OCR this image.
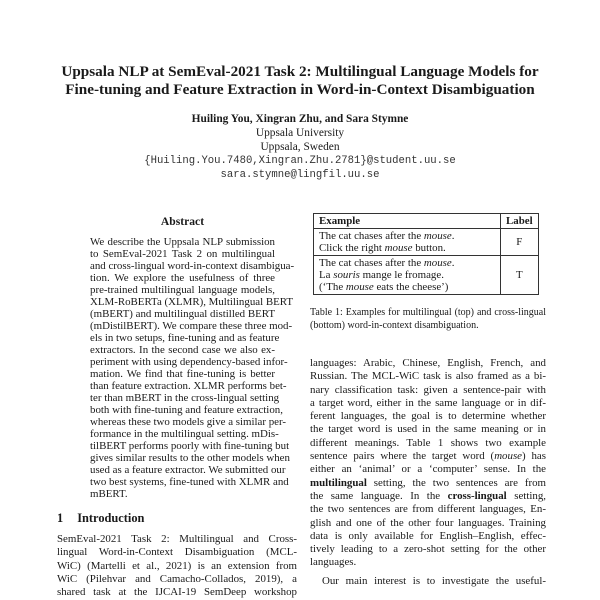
Uppsala NLP at SemEval-2021 Task 2: Multilingual Language Models for
Fine-tuning and Feature Extraction in Word-in-Context Disambiguation
Huiling You, Xingran Zhu, and Sara Stymne
Uppsala University
Uppsala, Sweden
{Huiling.You.7480,Xingran.Zhu.2781}@student.uu.se
sara.stymne@lingfil.uu.se
Abstract
We describe the Uppsala NLP submission
to SemEval-2021 Task 2 on multilingual
and cross-lingual word-in-context disambigua-
tion. We explore the usefulness of three
pre-trained multilingual language models,
XLM-RoBERTa (XLMR), Multilingual BERT
(mBERT) and multilingual distilled BERT
(mDistilBERT). We compare these three mod-
els in two setups, fine-tuning and as feature
extractors. In the second case we also ex-
periment with using dependency-based infor-
mation. We find that fine-tuning is better
than feature extraction. XLMR performs bet-
ter than mBERT in the cross-lingual setting
both with fine-tuning and feature extraction,
whereas these two models give a similar per-
formance in the multilingual setting. mDis-
tilBERT performs poorly with fine-tuning but
gives similar results to the other models when
used as a feature extractor. We submitted our
two best systems, fine-tuned with XLMR and
mBERT.
1 Introduction
SemEval-2021 Task 2: Multilingual and Cross-
lingual Word-in-Context Disambiguation (MCL-
WiC) (Martelli et al., 2021) is an extension from
WiC (Pilehvar and Camacho-Collados, 2019), a
shared task at the IJCAI-19 SemDeep workshop
Example	Label

The cat chases after the mouse.
Click the right mouse button.	F

The cat chases after the mouse.
La souris mange le fromage.
(‘The mouse eats the cheese’)	T
Table 1: Examples for multilingual (top) and cross-lingual (bottom) word-in-context disambiguation.
languages: Arabic, Chinese, English, French, and
Russian. The MCL-WiC task is also framed as a bi-
nary classification task: given a sentence-pair with
a target word, either in the same language or in dif-
ferent languages, the goal is to determine whether
the target word is used in the same meaning or in
different meanings. Table 1 shows two example
sentence pairs where the target word (mouse) has
either an ‘animal’ or a ‘computer’ sense. In the
multilingual setting, the two sentences are from
the same language. In the cross-lingual setting,
the two sentences are from different languages, En-
glish and one of the other four languages. Training
data is only available for English–English, effec-
tively leading to a zero-shot setting for the other
languages.
Our main interest is to investigate the useful-
